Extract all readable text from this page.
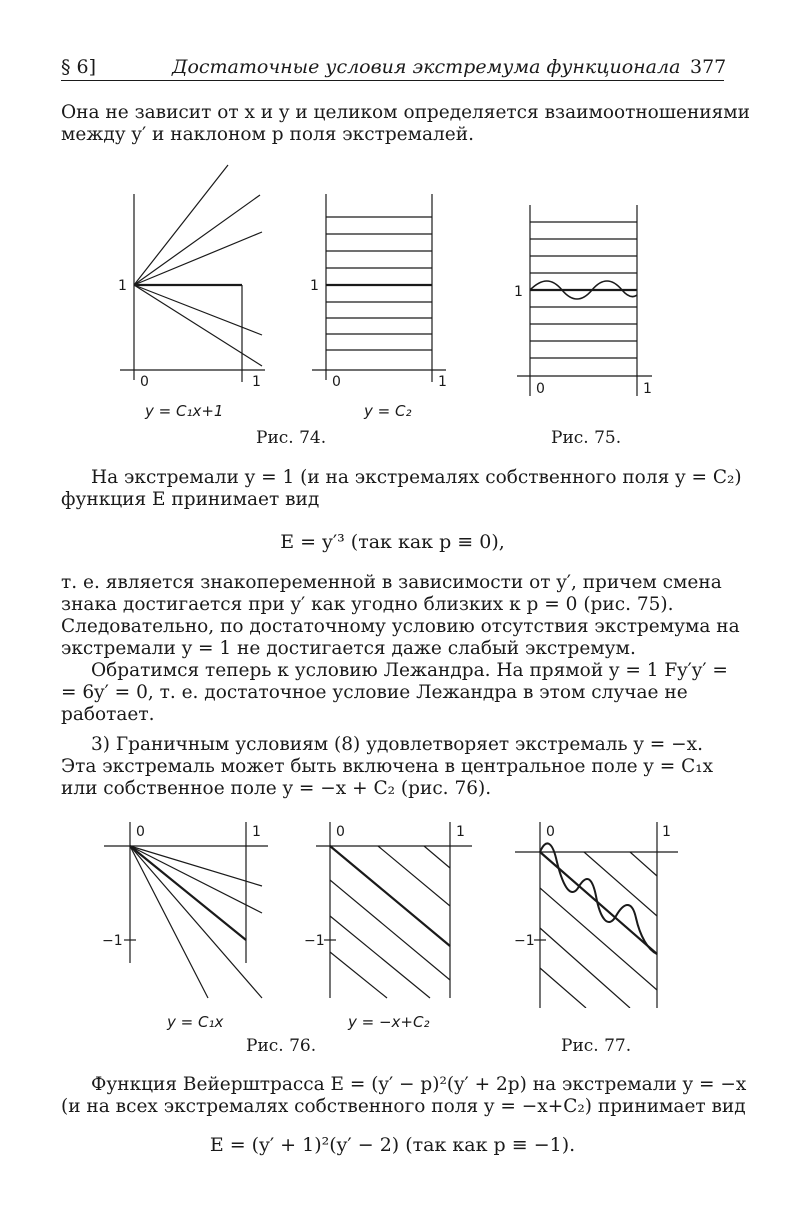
§ 6]	Достаточные условия экстремума функционала 377
Она не зависит от x и y и целиком определяется взаимоотношениями
между y′ и наклоном p поля экстремалей.
1
0	1
1
0	1
1
0	1
y = C₁x+1	y = C₂
Рис. 74.	Рис. 75.
На экстремали y = 1 (и на экстремалях собственного поля y = C₂)
функция E принимает вид
E = y′³ (так как p ≡ 0),
т. е. является знакопеременной в зависимости от y′, причем смена
знака достигается при y′ как угодно близких к p = 0 (рис. 75).
Следовательно, по достаточному условию отсутствия экстремума на
экстремали y = 1 не достигается даже слабый экстремум.
Обратимся теперь к условию Лежандра. На прямой y = 1 Fy′y′ =
= 6y′ = 0, т. е. достаточное условие Лежандра в этом случае не
работает.
3) Граничным условиям (8) удовлетворяет экстремаль y = −x.
Эта экстремаль может быть включена в центральное поле y = C₁x
или собственное поле y = −x + C₂ (рис. 76).
0	1
−1
0	1
−1
0	1
−1
y = C₁x	y = −x+C₂
Рис. 76.	Рис. 77.
Функция Вейерштрасса E = (y′ − p)²(y′ + 2p) на экстремали y = −x
(и на всех экстремалях собственного поля y = −x+C₂) принимает вид
E = (y′ + 1)²(y′ − 2) (так как p ≡ −1).
